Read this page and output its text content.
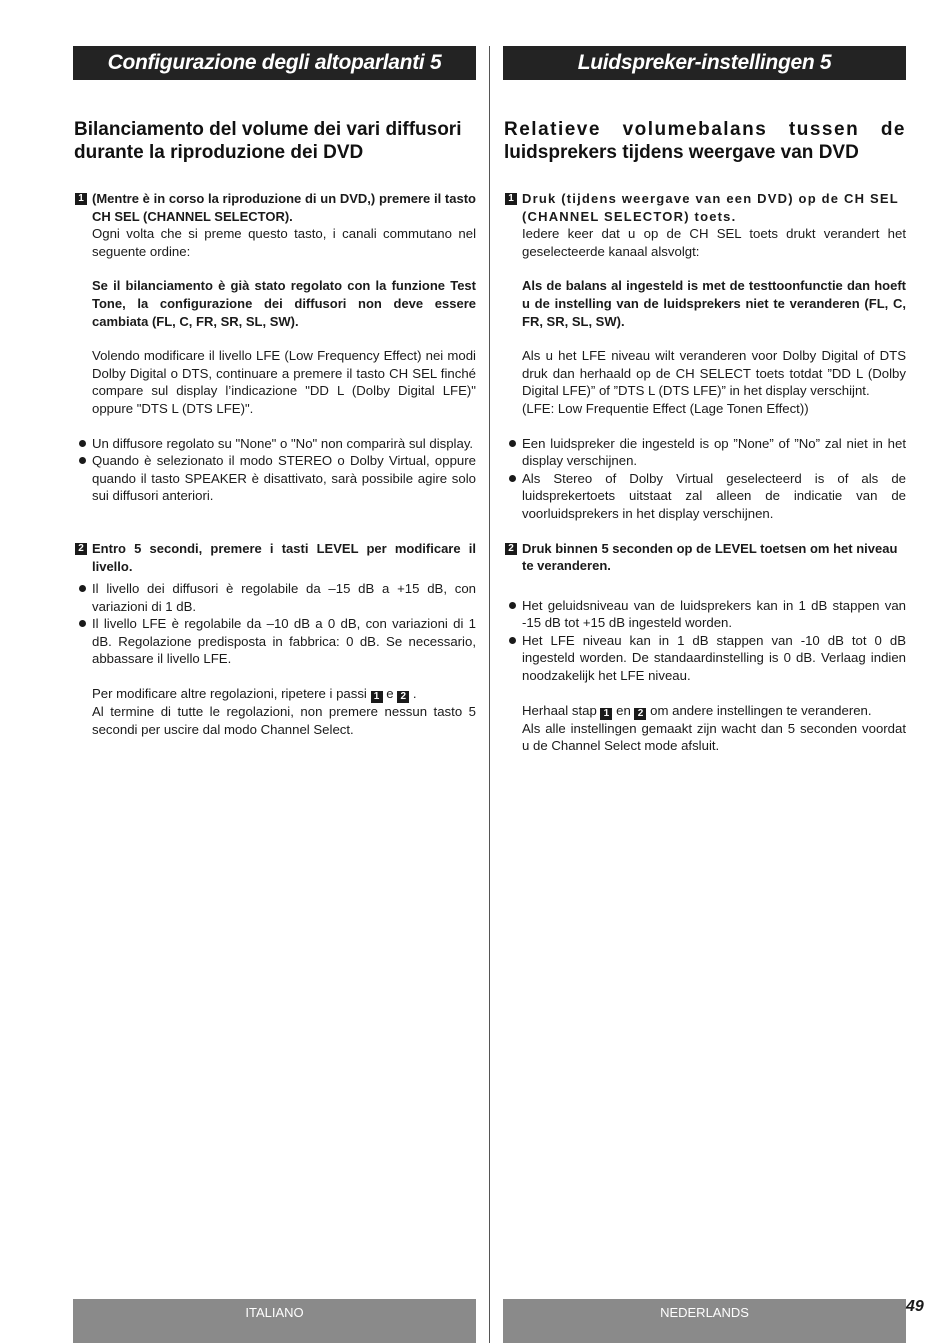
Configurazione degli altoparlanti 5
Bilanciamento del volume dei vari diffusori
durante la riproduzione dei DVD
1 (Mentre è in corso la riproduzione di un DVD,) premere il tasto CH SEL (CHANNEL SELECTOR).

Ogni volta che si preme questo tasto, i canali commutano nel seguente ordine:

Se il bilanciamento è già stato regolato con la funzione Test Tone, la configurazione dei diffusori non deve essere cambiata (FL, C, FR, SR, SL, SW).

Volendo modificare il livello LFE (Low Frequency Effect) nei modi Dolby Digital o DTS, continuare a premere il tasto CH SEL finché compare sul display l’indicazione "DD L (Dolby Digital LFE)" oppure "DTS L (DTS LFE)".

Un diffusore regolato su "None" o "No" non comparirà sul display.
Quando è selezionato il modo STEREO o Dolby Virtual, oppure quando il tasto SPEAKER è disattivato, sarà possibile agire solo sui diffusori anteriori.
2 Entro 5 secondi, premere i tasti LEVEL per modificare il livello.
Il livello dei diffusori è regolabile da –15 dB a +15 dB, con variazioni di 1 dB.
Il livello LFE è regolabile da –10 dB a 0 dB, con variazioni di 1 dB. Regolazione predisposta in fabbrica: 0 dB. Se necessario, abbassare il livello LFE.

Per modificare altre regolazioni, ripetere i passi 1 e 2 .
Al termine di tutte le regolazioni, non premere nessun tasto 5 secondi per uscire dal modo Channel Select.

Luidspreker-instellingen 5
Relatieve volumebalans tussen de
luidsprekers tijdens weergave van DVD
1 Druk (tijdens weergave van een DVD) op de CH SEL (CHANNEL SELECTOR) toets.

Iedere keer dat u op de CH SEL toets drukt verandert het geselecteerde kanaal alsvolgt:

Als de balans al ingesteld is met de testtoonfunctie dan hoeft u de instelling van de luidsprekers niet te veranderen (FL, C, FR, SR, SL, SW).

Als u het LFE niveau wilt veranderen voor Dolby Digital of DTS druk dan herhaald op de CH SELECT toets totdat ”DD L (Dolby Digital LFE)” of ”DTS L (DTS LFE)” in het display verschijnt.
(LFE: Low Frequentie Effect (Lage Tonen Effect))

Een luidspreker die ingesteld is op ”None” of ”No” zal niet in het display verschijnen.
Als Stereo of Dolby Virtual geselecteerd is of als de luidsprekertoets uitstaat zal alleen de indicatie van de voorluidsprekers in het display verschijnen.
2 Druk binnen 5 seconden op de LEVEL toetsen om het niveau te veranderen.
Het geluidsniveau van de luidsprekers kan in 1 dB stappen van -15 dB tot +15 dB ingesteld worden.
Het LFE niveau kan in 1 dB stappen van -10 dB tot 0 dB ingesteld worden. De standaardinstelling is 0 dB. Verlaag indien noodzakelijk het LFE niveau.

Herhaal stap 1 en 2 om andere instellingen te veranderen.
Als alle instellingen gemaakt zijn wacht dan 5 seconden voordat u de Channel Select mode afsluit.

ITALIANO	NEDERLANDS	49
